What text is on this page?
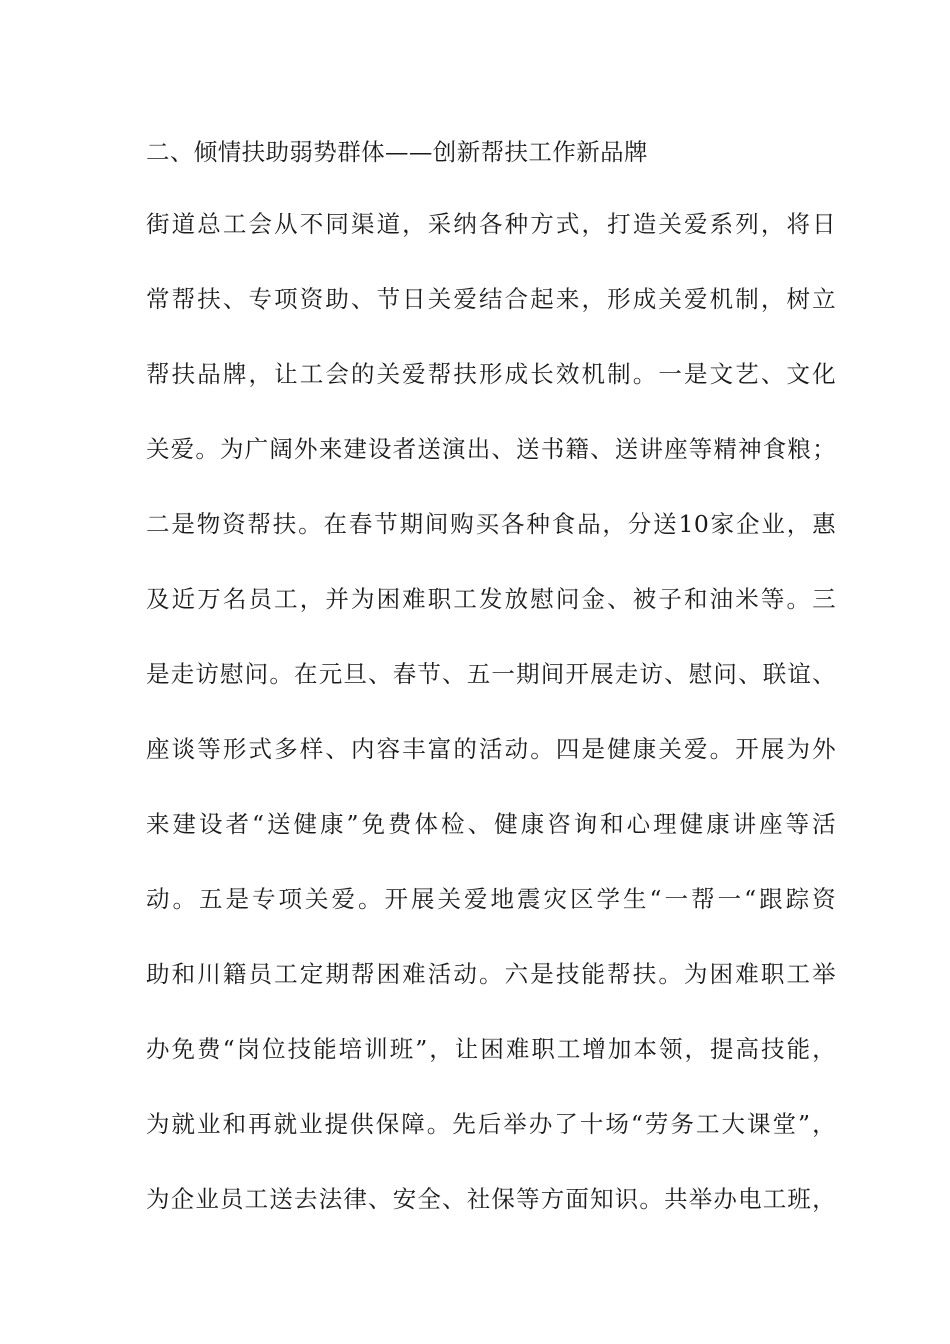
二、倾情扶助弱势群体——创新帮扶工作新品牌
街道总工会从不同渠道，采纳各种方式，打造关爱系列，将日
常帮扶、专项资助、节日关爱结合起来，形成关爱机制，树立
帮扶品牌，让工会的关爱帮扶形成长效机制。一是文艺、文化
关爱。为广阔外来建设者送演出、送书籍、送讲座等精神食粮；
二是物资帮扶。在春节期间购买各种食品，分送10家企业，惠
及近万名员工，并为困难职工发放慰问金、被子和油米等。三
是走访慰问。在元旦、春节、五一期间开展走访、慰问、联谊、
座谈等形式多样、内容丰富的活动。四是健康关爱。开展为外
来建设者“送健康”免费体检、健康咨询和心理健康讲座等活
动。五是专项关爱。开展关爱地震灾区学生“一帮一“跟踪资
助和川籍员工定期帮困难活动。六是技能帮扶。为困难职工举
办免费“岗位技能培训班”，让困难职工增加本领，提高技能，
为就业和再就业提供保障。先后举办了十场“劳务工大课堂”，
为企业员工送去法律、安全、社保等方面知识。共举办电工班，
